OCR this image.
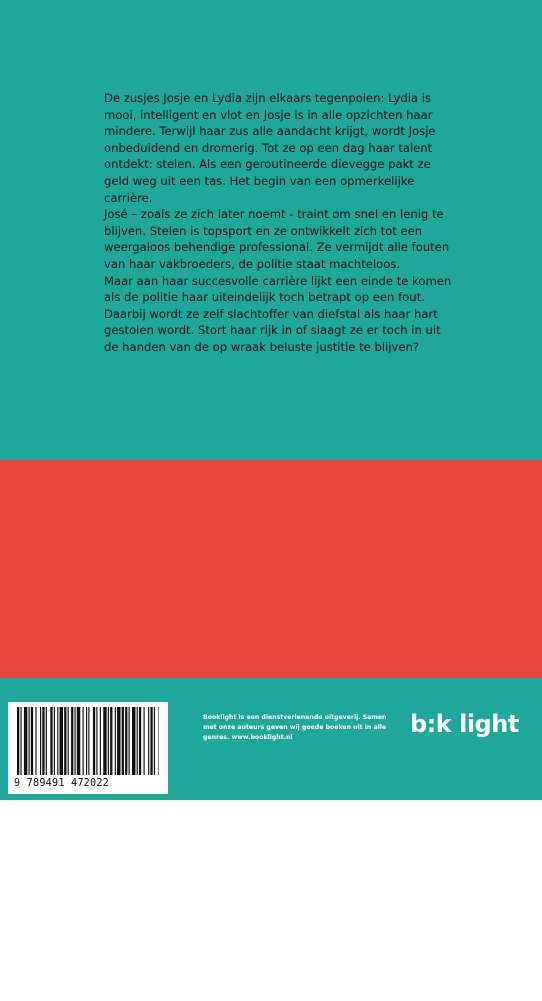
De zusjes Josje en Lydia zijn elkaars tegenpolen: Lydia is mooi, intelligent en vlot en Josje is in alle opzichten haar mindere. Terwijl haar zus alle aandacht krijgt, wordt Josje onbeduidend en dromerig. Tot ze op een dag haar talent ontdekt: stelen. Als een geroutineerde dievegge pakt ze geld weg uit een tas. Het begin van een opmerkelijke carrière.

José – zoals ze zich later noemt - traint om snel en lenig te blijven. Stelen is topsport en ze ontwikkelt zich tot een weergaloos behendige professional. Ze vermijdt alle fouten van haar vakbroeders, de politie staat machteloos.

Maar aan haar succesvolle carrière lijkt een einde te komen als de politie haar uiteindelijk toch betrapt op een fout. Daarbij wordt ze zelf slachtoffer van diefstal als haar hart gestolen wordt. Stort haar rijk in of slaagt ze er toch in uit de handen van de op wraak beluste justitie te blijven?

Abel de Jong (1940) is planologisch jurist en woont afwisselend in Nederland en Israël. Na zijn pensionering is hij boeken gaan schrijven. Hij is getrouwd en heeft vier kinderen.

9 789491 472022

Booklight is een dienstverlenende uitgeverij. Samen met onze auteurs geven wij goede boeken uit in alle genres. www.booklight.nl	b:k light
